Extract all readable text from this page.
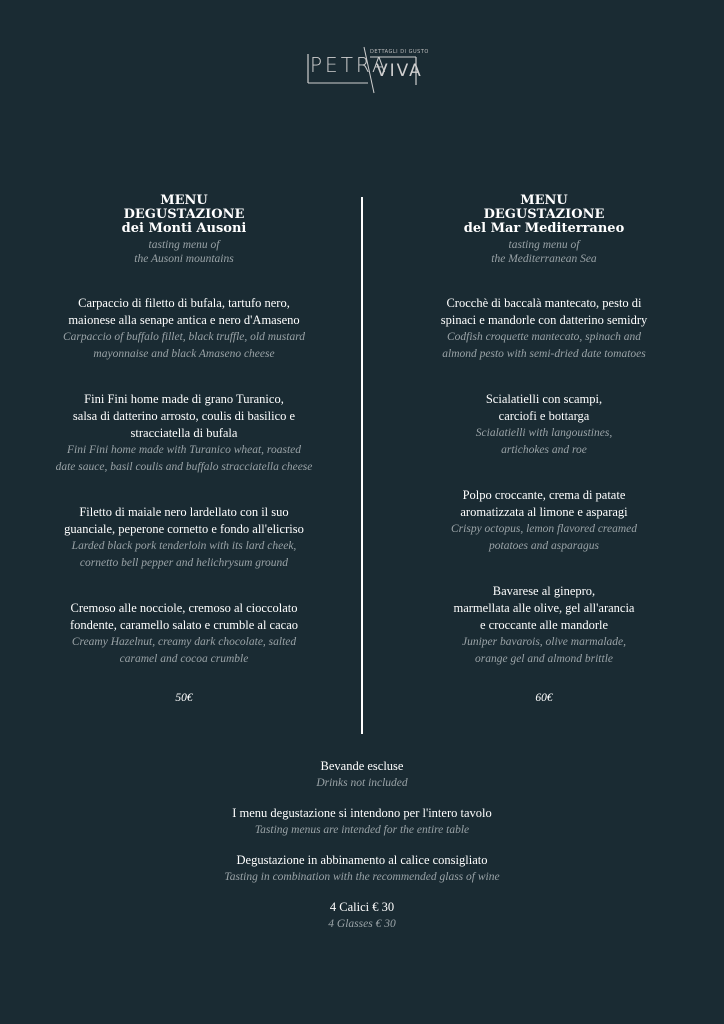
PETRA
DETTAGLI DI GUSTO
VIVA
MENU
DEGUSTAZIONE
dei Monti Ausoni
tasting menu of
the Ausoni mountains
Carpaccio di filetto di bufala, tartufo nero,
maionese alla senape antica e nero d'Amaseno
Carpaccio of buffalo fillet, black truffle, old mustard
mayonnaise and black Amaseno cheese
Fini Fini home made di grano Turanico,
salsa di datterino arrosto, coulis di basilico e
stracciatella di bufala
Fini Fini home made with Turanico wheat, roasted
date sauce, basil coulis and buffalo stracciatella cheese
Filetto di maiale nero lardellato con il suo
guanciale, peperone cornetto e fondo all'elicriso
Larded black pork tenderloin with its lard cheek,
cornetto bell pepper and helichrysum ground
Cremoso alle nocciole, cremoso al cioccolato
fondente, caramello salato e crumble al cacao
Creamy Hazelnut, creamy dark chocolate, salted
caramel and cocoa crumble
50€
MENU
DEGUSTAZIONE
del Mar Mediterraneo
tasting menu of
the Mediterranean Sea
Crocchè di baccalà mantecato, pesto di
spinaci e mandorle con datterino semidry
Codfish croquette mantecato, spinach and
almond pesto with semi-dried date tomatoes
Scialatielli con scampi,
carciofi e bottarga
Scialatielli with langoustines,
artichokes and roe
Polpo croccante, crema di patate
aromatizzata al limone e asparagi
Crispy octopus, lemon flavored creamed
potatoes and asparagus
Bavarese al ginepro,
marmellata alle olive, gel all'arancia
e croccante alle mandorle
Juniper bavarois, olive marmalade,
orange gel and almond brittle
60€
Bevande escluse
Drinks not included
I menu degustazione si intendono per l'intero tavolo
Tasting menus are intended for the entire table
Degustazione in abbinamento al calice consigliato
Tasting in combination with the recommended glass of wine
4 Calici € 30
4 Glasses € 30
